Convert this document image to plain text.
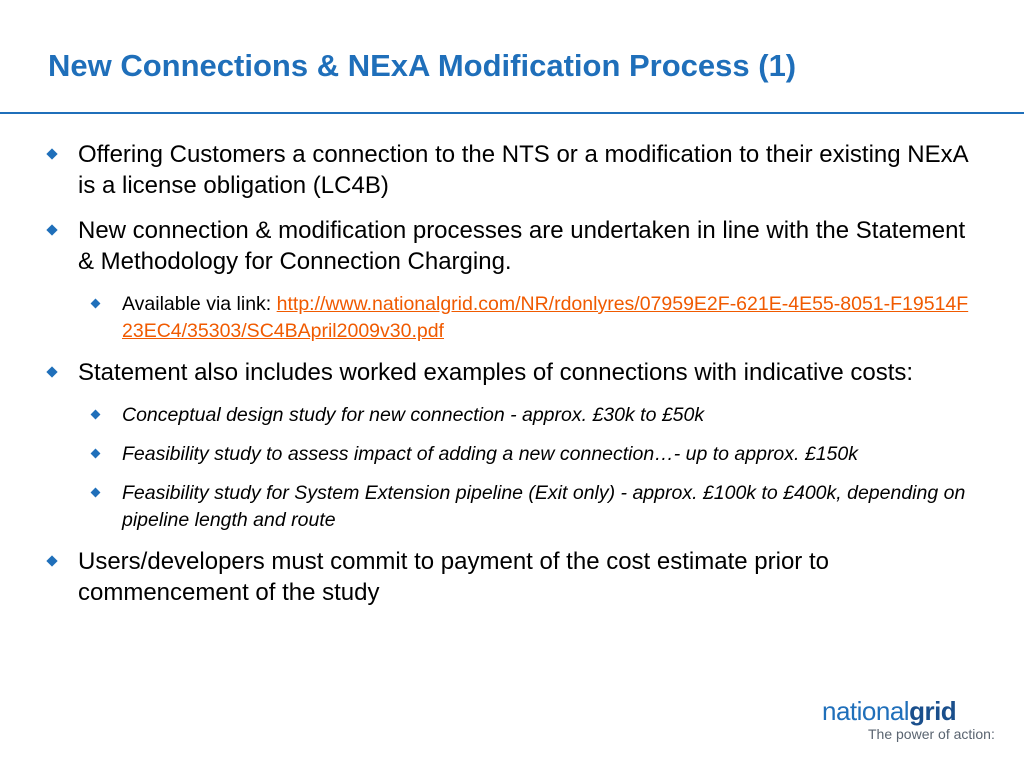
New Connections & NExA Modification Process (1)
Offering Customers a connection to the NTS or a modification to their existing NExA is a license obligation (LC4B)
New connection & modification processes are undertaken in line with the Statement & Methodology for Connection Charging.
Available via link: http://www.nationalgrid.com/NR/rdonlyres/07959E2F-621E-4E55-8051-F19514F23EC4/35303/SC4BApril2009v30.pdf
Statement also includes worked examples of connections with indicative costs:
Conceptual design study for new connection - approx. £30k to £50k
Feasibility study to assess impact of adding a new connection…- up to approx. £150k
Feasibility study for System Extension pipeline (Exit only) - approx. £100k to £400k, depending on pipeline length and route
Users/developers must commit to payment of the cost estimate prior to commencement of the study
nationalgrid
The power of action:
